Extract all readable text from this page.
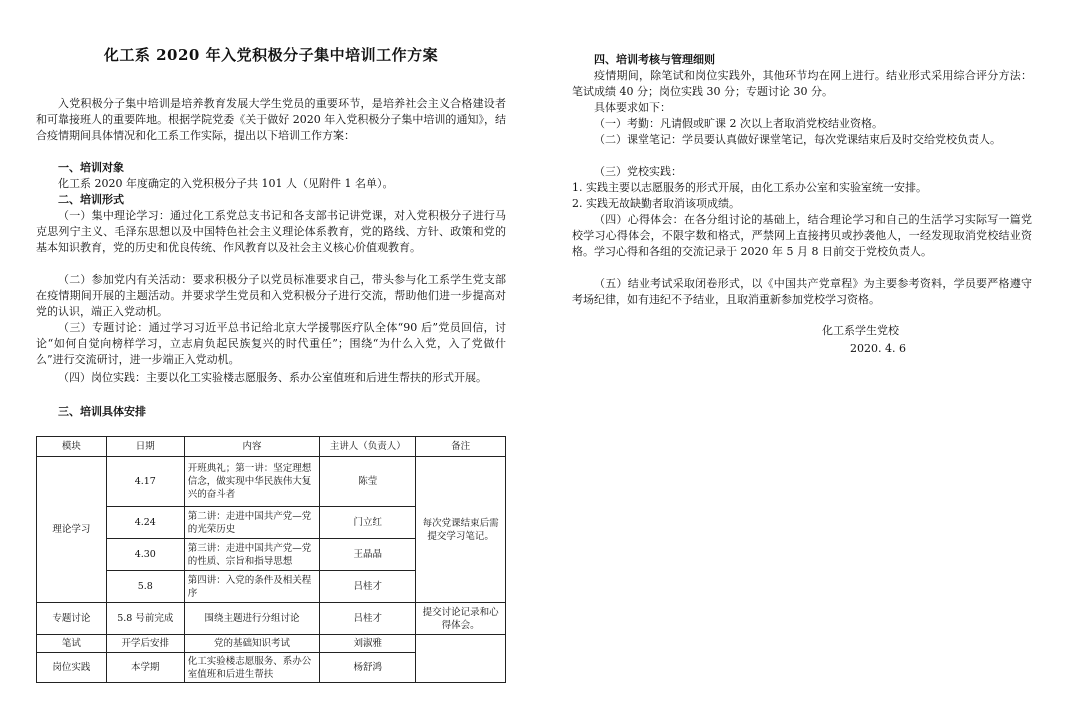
化工系 2020 年入党积极分子集中培训工作方案
入党积极分子集中培训是培养教育发展大学生党员的重要环节，是培养社会主义合格建设者和可靠接班人的重要阵地。根据学院党委《关于做好 2020 年入党积极分子集中培训的通知》，结合疫情期间具体情况和化工系工作实际，提出以下培训工作方案：
一、培训对象
化工系 2020 年度确定的入党积极分子共 101 人（见附件 1 名单）。
二、培训形式
（一）集中理论学习：通过化工系党总支书记和各支部书记讲党课，对入党积极分子进行马克思列宁主义、毛泽东思想以及中国特色社会主义理论体系教育，党的路线、方针、政策和党的基本知识教育，党的历史和优良传统、作风教育以及社会主义核心价值观教育。
（二）参加党内有关活动：要求积极分子以党员标准要求自己，带头参与化工系学生党支部在疫情期间开展的主题活动。并要求学生党员和入党积极分子进行交流，帮助他们进一步提高对党的认识，端正入党动机。
（三）专题讨论：通过学习习近平总书记给北京大学援鄂医疗队全体“90 后”党员回信，讨论“如何自觉向榜样学习，立志肩负起民族复兴的时代重任”；围绕“为什么入党，入了党做什么”进行交流研讨，进一步端正入党动机。
（四）岗位实践：主要以化工实验楼志愿服务、系办公室值班和后进生帮扶的形式开展。
三、培训具体安排
模块	日期	内容	主讲人（负责人）	备注
理论学习	4.17	开班典礼；第一讲：坚定理想信念，做实现中华民族伟大复兴的奋斗者	陈莹	每次党课结束后需提交学习笔记。
	4.24	第二讲：走进中国共产党—党的光荣历史	门立红	
	4.30	第三讲：走进中国共产党—党的性质、宗旨和指导思想	王晶晶	
	5.8	第四讲：入党的条件及相关程序	吕桂才	
专题讨论	5.8 号前完成	围绕主题进行分组讨论	吕桂才	提交讨论记录和心得体会。
笔试	开学后安排	党的基础知识考试	刘淑雅	
岗位实践	本学期	化工实验楼志愿服务、系办公室值班和后进生帮扶	杨舒鸿	
四、培训考核与管理细则
疫情期间，除笔试和岗位实践外，其他环节均在网上进行。结业形式采用综合评分方法：笔试成绩 40 分；岗位实践 30 分；专题讨论 30 分。
具体要求如下：
（一）考勤：凡请假或旷课 2 次以上者取消党校结业资格。
（二）课堂笔记：学员要认真做好课堂笔记，每次党课结束后及时交给党校负责人。
（三）党校实践：
1. 实践主要以志愿服务的形式开展，由化工系办公室和实验室统一安排。
2. 实践无故缺勤者取消该项成绩。
（四）心得体会：在各分组讨论的基础上，结合理论学习和自己的生活学习实际写一篇党校学习心得体会，不限字数和格式，严禁网上直接拷贝或抄袭他人，一经发现取消党校结业资格。学习心得和各组的交流记录于 2020 年 5 月 8 日前交于党校负责人。
（五）结业考试采取闭卷形式，以《中国共产党章程》为主要参考资料，学员要严格遵守考场纪律，如有违纪不予结业，且取消重新参加党校学习资格。
化工系学生党校
2020. 4. 6
